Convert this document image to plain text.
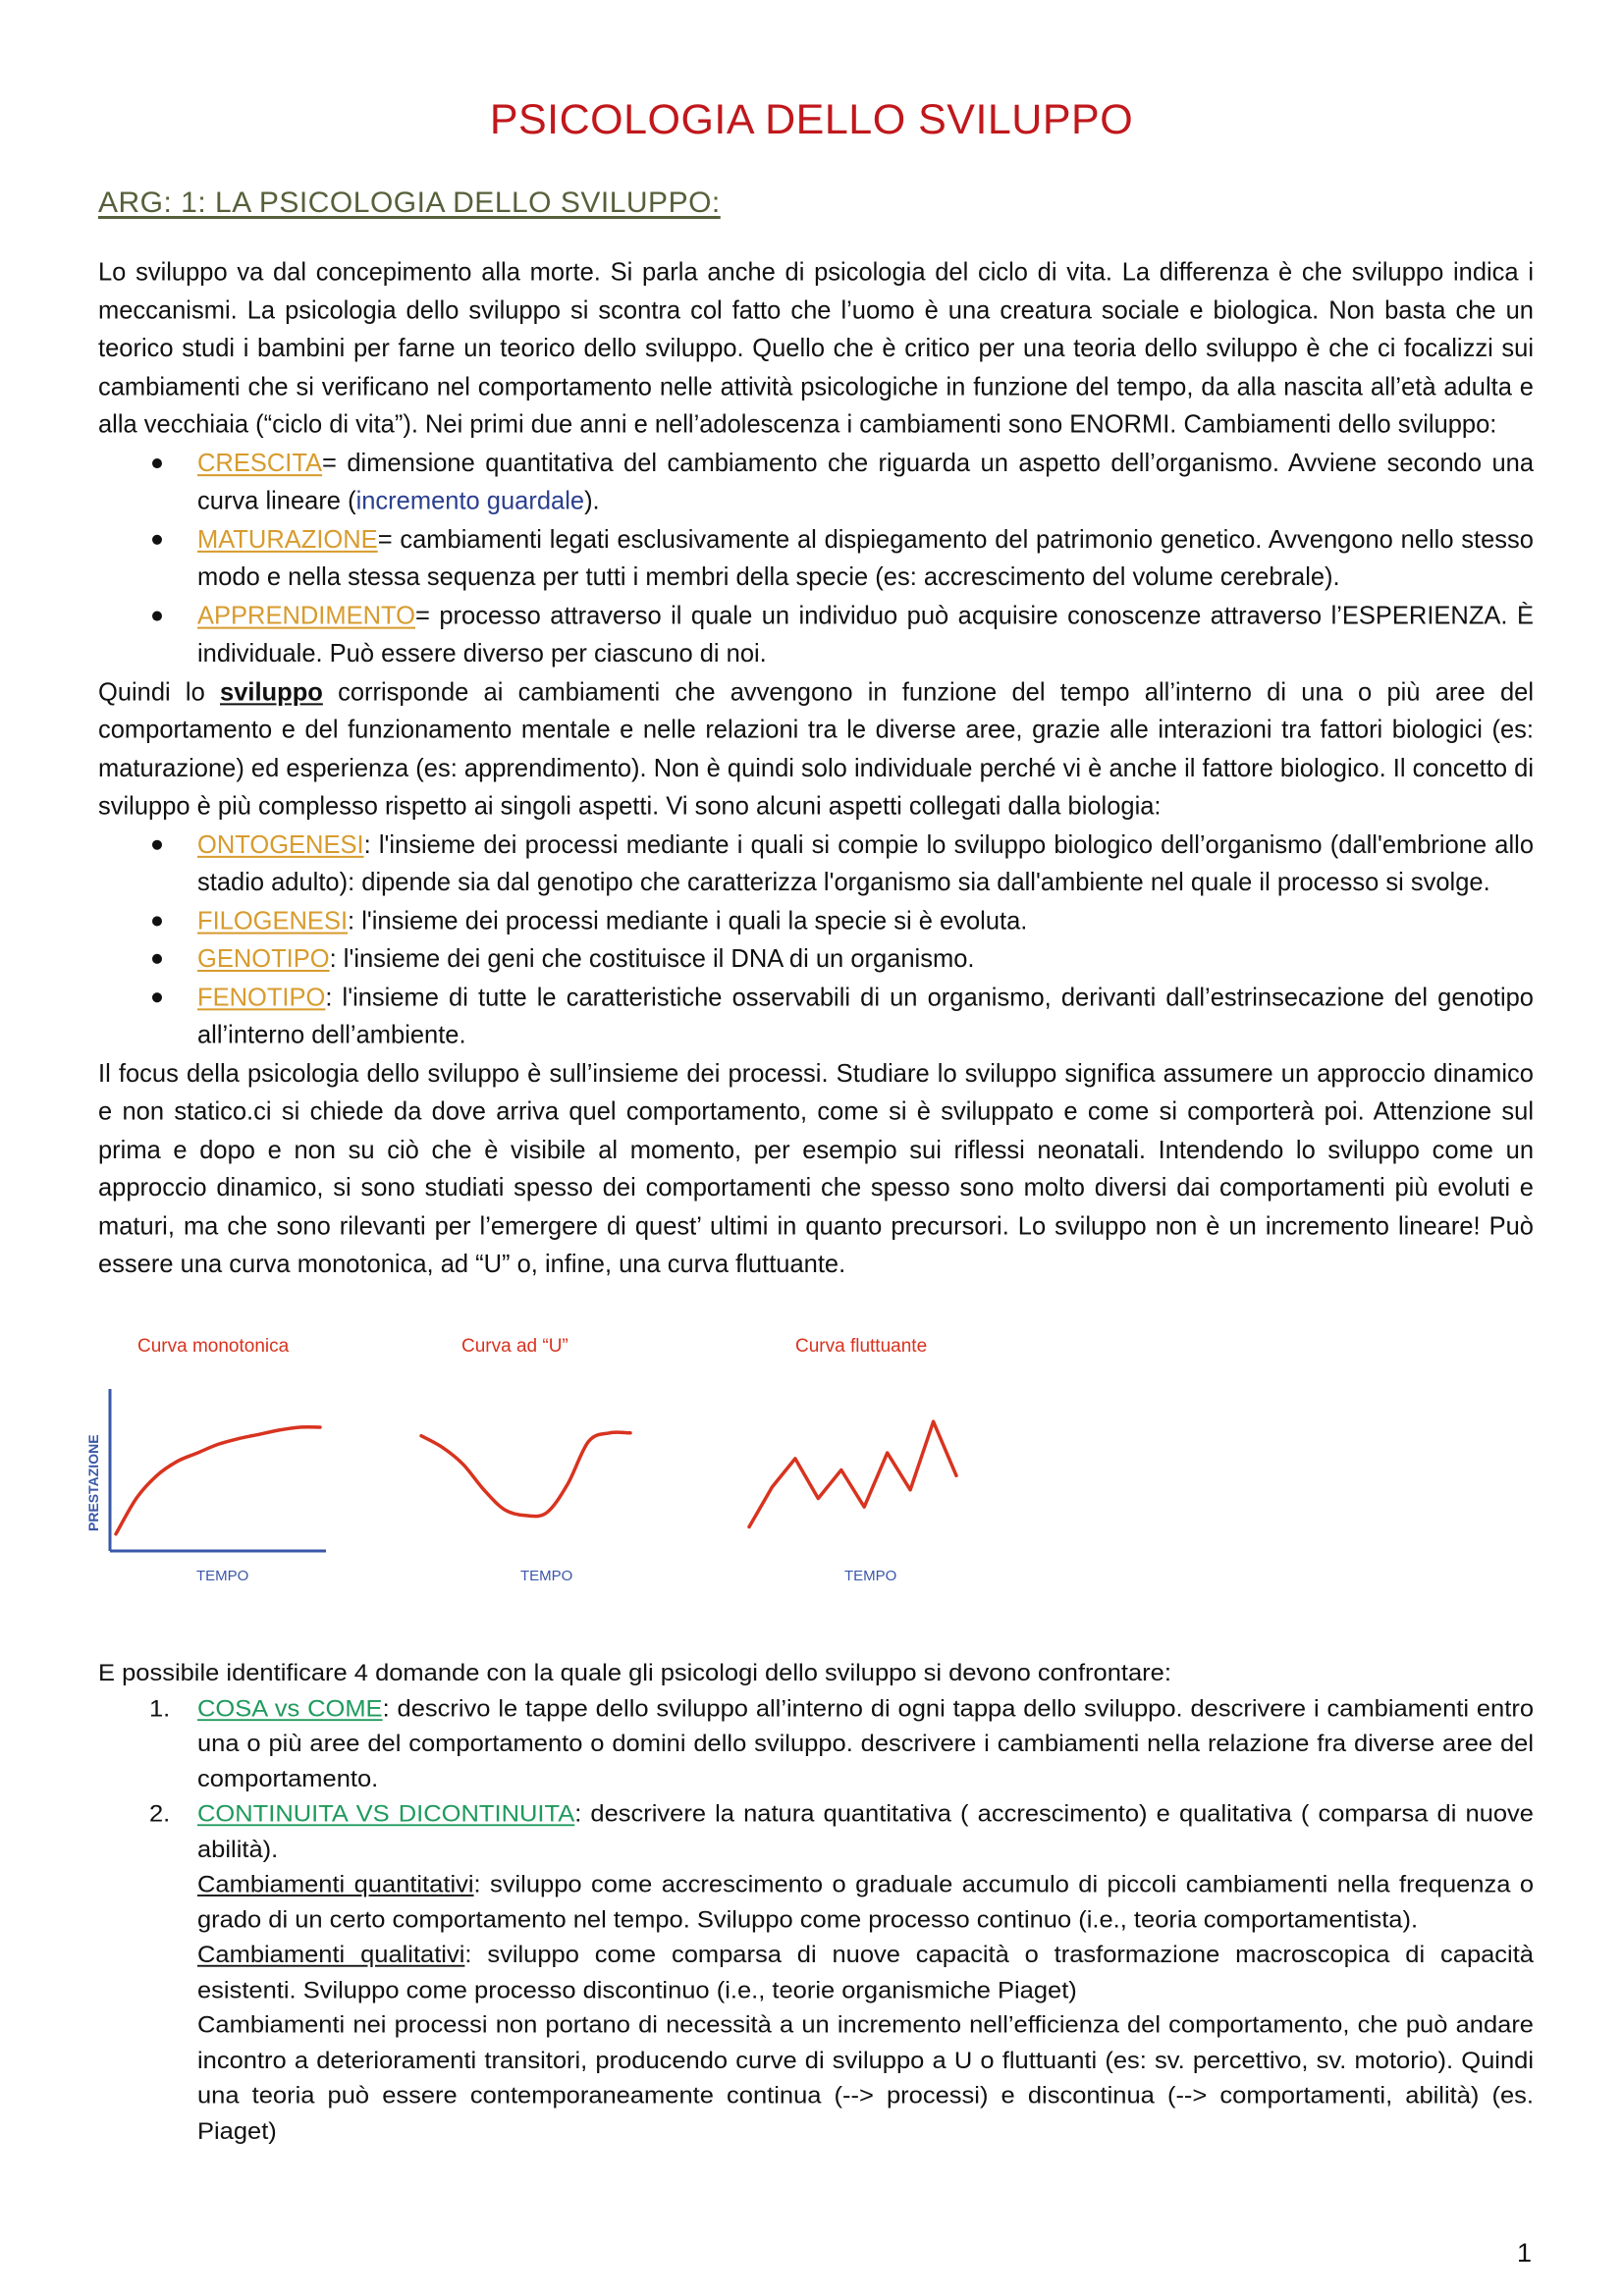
PSICOLOGIA DELLO SVILUPPO
ARG: 1: LA PSICOLOGIA DELLO SVILUPPO:

Lo sviluppo va dal concepimento alla morte. Si parla anche di psicologia del ciclo di vita. La differenza è che sviluppo indica i meccanismi. La psicologia dello sviluppo si scontra col fatto che l’uomo è una creatura sociale e biologica. Non basta che un teorico studi i bambini per farne un teorico dello sviluppo. Quello che è critico per una teoria dello sviluppo è che ci focalizzi sui cambiamenti che si verificano nel comportamento nelle attività psicologiche in funzione del tempo, da alla nascita all’età adulta e alla vecchiaia (“ciclo di vita”). Nei primi due anni e nell’adolescenza i cambiamenti sono ENORMI. Cambiamenti dello sviluppo:

CRESCITA= dimensione quantitativa del cambiamento che riguarda un aspetto dell’organismo. Avviene secondo una curva lineare (incremento guardale).
MATURAZIONE= cambiamenti legati esclusivamente al dispiegamento del patrimonio genetico. Avvengono nello stesso modo e nella stessa sequenza per tutti i membri della specie (es: accrescimento del volume cerebrale).
APPRENDIMENTO= processo attraverso il quale un individuo può acquisire conoscenze attraverso l’ESPERIENZA. È individuale. Può essere diverso per ciascuno di noi.

Quindi lo sviluppo corrisponde ai cambiamenti che avvengono in funzione del tempo all’interno di una o più aree del comportamento e del funzionamento mentale e nelle relazioni tra le diverse aree, grazie alle interazioni tra fattori biologici (es: maturazione) ed esperienza (es: apprendimento). Non è quindi solo individuale perché vi è anche il fattore biologico. Il concetto di sviluppo è più complesso rispetto ai singoli aspetti. Vi sono alcuni aspetti collegati dalla biologia:

ONTOGENESI: l'insieme dei processi mediante i quali si compie lo sviluppo biologico dell’organismo (dall'embrione allo stadio adulto): dipende sia dal genotipo che caratterizza l'organismo sia dall'ambiente nel quale il processo si svolge.
FILOGENESI: l'insieme dei processi mediante i quali la specie si è evoluta.
GENOTIPO: l'insieme dei geni che costituisce il DNA di un organismo.
FENOTIPO: l'insieme di tutte le caratteristiche osservabili di un organismo, derivanti dall’estrinsecazione del genotipo all’interno dell’ambiente.

Il focus della psicologia dello sviluppo è sull’insieme dei processi. Studiare lo sviluppo significa assumere un approccio dinamico e non statico.ci si chiede da dove arriva quel comportamento, come si è sviluppato e come si comporterà poi. Attenzione sul prima e dopo e non su ciò che è visibile al momento, per esempio sui riflessi neonatali. Intendendo lo sviluppo come un approccio dinamico, si sono studiati spesso dei comportamenti che spesso sono molto diversi dai comportamenti più evoluti e maturi, ma che sono rilevanti per l’emergere di quest’ ultimi in quanto precursori. Lo sviluppo non è un incremento lineare! Può essere una curva monotonica, ad “U” o, infine, una curva fluttuante.

Curva monotonica
PRESTAZIONE
TEMPO
Curva ad “U”
TEMPO
Curva fluttuante
TEMPO

E possibile identificare 4 domande con la quale gli psicologi dello sviluppo si devono confrontare:

1. COSA vs COME: descrivo le tappe dello sviluppo all’interno di ogni tappa dello sviluppo. descrivere i cambiamenti entro una o più aree del comportamento o domini dello sviluppo. descrivere i cambiamenti nella relazione fra diverse aree del comportamento.
2. CONTINUITA VS DICONTINUITA: descrivere la natura quantitativa ( accrescimento) e qualitativa ( comparsa di nuove abilità).
Cambiamenti quantitativi: sviluppo come accrescimento o graduale accumulo di piccoli cambiamenti nella frequenza o grado di un certo comportamento nel tempo. Sviluppo come processo continuo (i.e., teoria comportamentista).
Cambiamenti qualitativi: sviluppo come comparsa di nuove capacità o trasformazione macroscopica di capacità esistenti. Sviluppo come processo discontinuo (i.e., teorie organismiche Piaget)
Cambiamenti nei processi non portano di necessità a un incremento nell’efficienza del comportamento, che può andare incontro a deterioramenti transitori, producendo curve di sviluppo a U o fluttuanti (es: sv. percettivo, sv. motorio). Quindi una teoria può essere contemporaneamente continua (--> processi) e discontinua (--> comportamenti, abilità) (es. Piaget)
1
